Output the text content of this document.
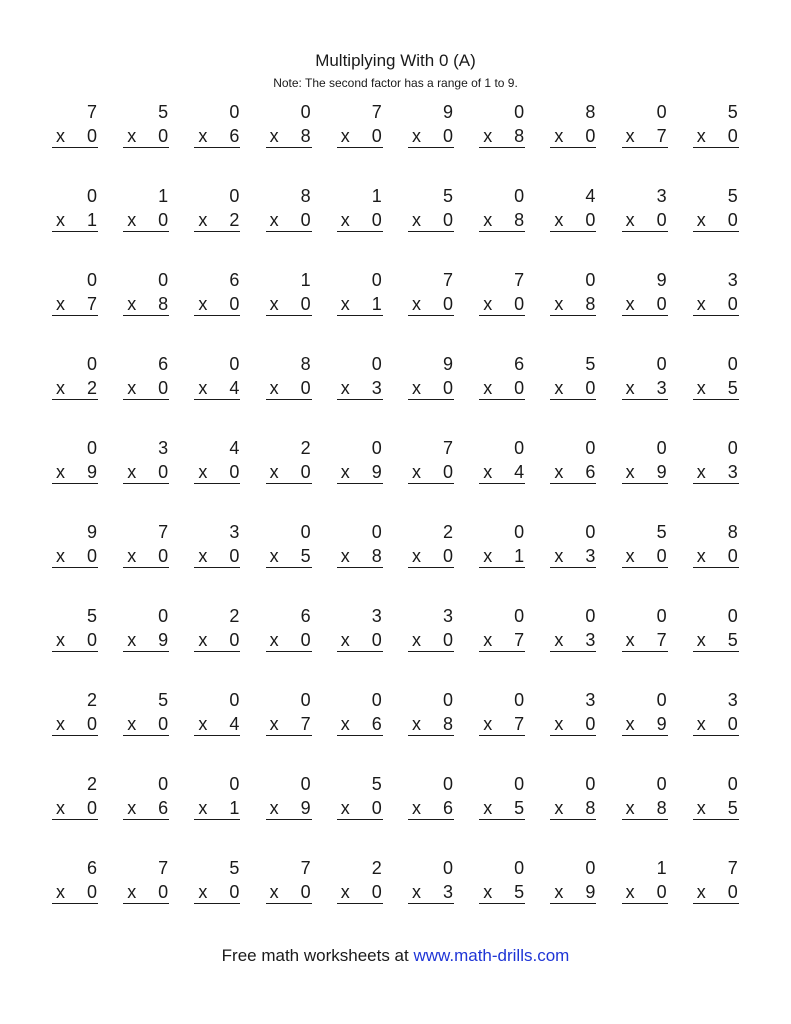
Multiplying With 0 (A)
Note: The second factor has a range of 1 to 9.
7
x 0
5
x 0
0
x 6
0
x 8
7
x 0
9
x 0
0
x 8
8
x 0
0
x 7
5
x 0
0
x 1
1
x 0
0
x 2
8
x 0
1
x 0
5
x 0
0
x 8
4
x 0
3
x 0
5
x 0
0
x 7
0
x 8
6
x 0
1
x 0
0
x 1
7
x 0
7
x 0
0
x 8
9
x 0
3
x 0
0
x 2
6
x 0
0
x 4
8
x 0
0
x 3
9
x 0
6
x 0
5
x 0
0
x 3
0
x 5
0
x 9
3
x 0
4
x 0
2
x 0
0
x 9
7
x 0
0
x 4
0
x 6
0
x 9
0
x 3
9
x 0
7
x 0
3
x 0
0
x 5
0
x 8
2
x 0
0
x 1
0
x 3
5
x 0
8
x 0
5
x 0
0
x 9
2
x 0
6
x 0
3
x 0
3
x 0
0
x 7
0
x 3
0
x 7
0
x 5
2
x 0
5
x 0
0
x 4
0
x 7
0
x 6
0
x 8
0
x 7
3
x 0
0
x 9
3
x 0
2
x 0
0
x 6
0
x 1
0
x 9
5
x 0
0
x 6
0
x 5
0
x 8
0
x 8
0
x 5
6
x 0
7
x 0
5
x 0
7
x 0
2
x 0
0
x 3
0
x 5
0
x 9
1
x 0
7
x 0
Free math worksheets at www.math-drills.com
